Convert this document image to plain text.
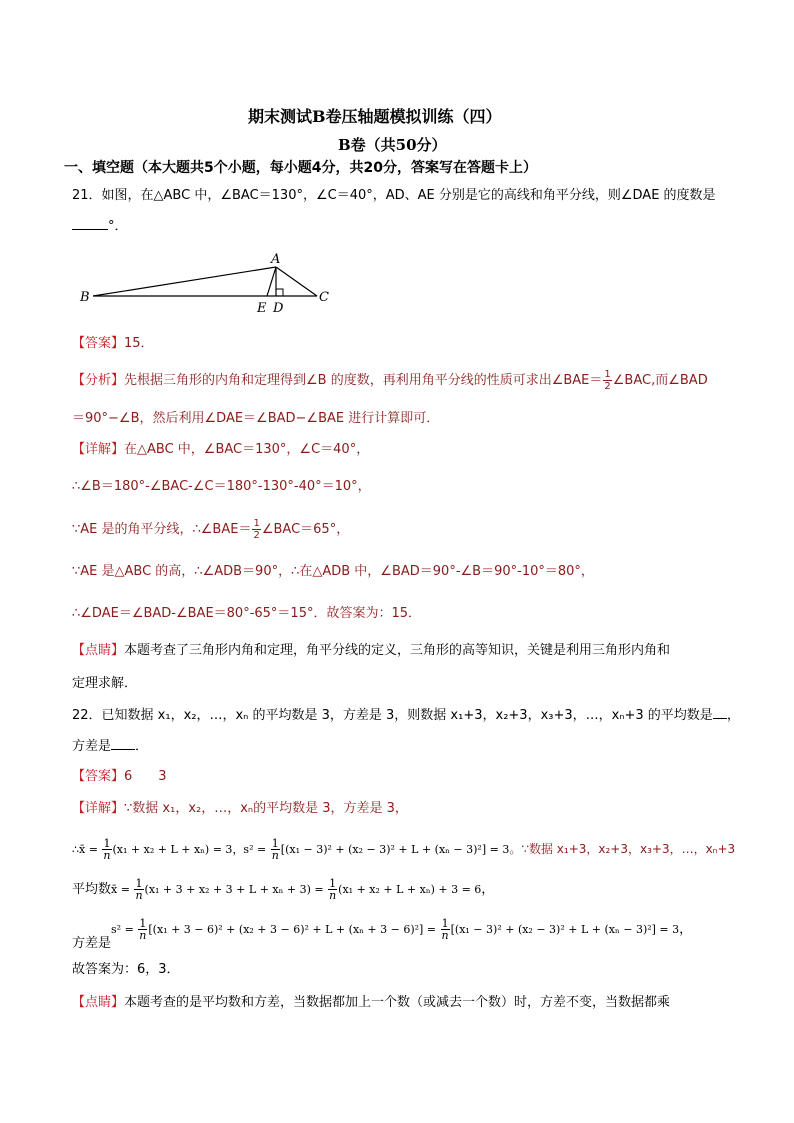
期末测试B卷压轴题模拟训练（四）
B卷（共50分）
一、填空题（本大题共5个小题，每小题4分，共20分，答案写在答题卡上）
21．如图，在△ABC 中，∠BAC＝130°，∠C＝40°，AD、AE 分别是它的高线和角平分线，则∠DAE 的度数是
°．
A
B	C
E D
【答案】15．
【分析】先根据三角形的内角和定理得到∠B 的度数，再利用角平分线的性质可求出∠BAE＝ $\frac{1}{2}$ ∠BAC,而∠BAD
＝90°−∠B，然后利用∠DAE＝∠BAD−∠BAE 进行计算即可．
【详解】在△ABC 中，∠BAC＝130°，∠C＝40°，
∴∠B＝180°-∠BAC-∠C＝180°-130°-40°＝10°，
∵AE 是的角平分线，∴∠BAE＝ $\frac{1}{2}$ ∠BAC＝65°，
∵AE 是△ABC 的高，∴∠ADB＝90°，∴在△ADB 中，∠BAD＝90°-∠B＝90°-10°＝80°，
∴∠DAE＝∠BAD-∠BAE＝80°-65°＝15°．故答案为：15．
【点睛】本题考查了三角形内角和定理，角平分线的定义，三角形的高等知识，关键是利用三角形内角和
定理求解．
22．已知数据 x₁，x₂，…，xₙ 的平均数是 3，方差是 3，则数据 x₁+3，x₂+3，x₃+3，…，xₙ+3 的平均数是 ，
方差是 ．
【答案】6　　3
【详解】∵数据 x₁，x₂，…，xₙ的平均数是 3，方差是 3，
∴x̄ = $\frac{1}{n} (x_1 + x_2 + L + x_n) = 3$，$s^2 = \frac{1}{n} [(x_1 - 3)^2 + (x_2 - 3)^2 + L + (x_n - 3)^2] = 3$。∵数据 x₁+3，x₂+3，x₃+3，…，xₙ+3
平均数x̄ = $\frac{1}{n} (x_1 + 3 + x_2 + 3 + L + x_n + 3) = \frac{1}{n} (x_1 + x_2 + L + x_n) + 3 = 6$，
方差是$s^2 = \frac{1}{n} [(x_1 + 3 - 6)^2 + (x_2 + 3 - 6)^2 + L + (x_n + 3 - 6)^2] = \frac{1}{n} [(x_1 - 3)^2 + (x_2 - 3)^2 + L + (x_n - 3)^2] = 3$，
故答案为：6，3．
【点睛】本题考查的是平均数和方差，当数据都加上一个数（或减去一个数）时，方差不变，当数据都乘
